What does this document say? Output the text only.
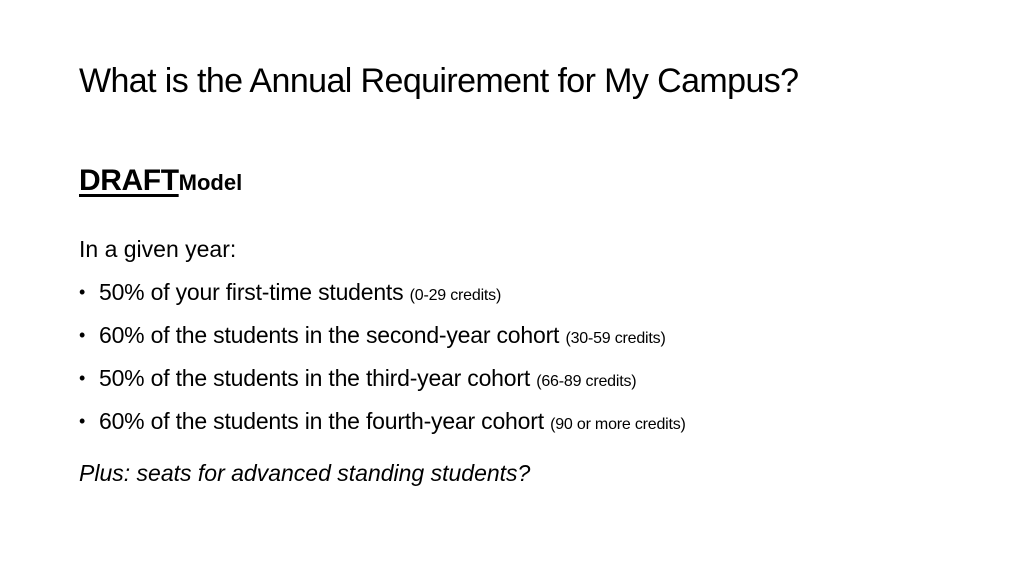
What is the Annual Requirement for My Campus?
DRAFTModel
In a given year:
• 50% of your first-time students (0-29 credits)
• 60% of the students in the second-year cohort (30-59 credits)
• 50% of the students in the third-year cohort (66-89 credits)
• 60% of the students in the fourth-year cohort (90 or more credits)
Plus: seats for advanced standing students?
